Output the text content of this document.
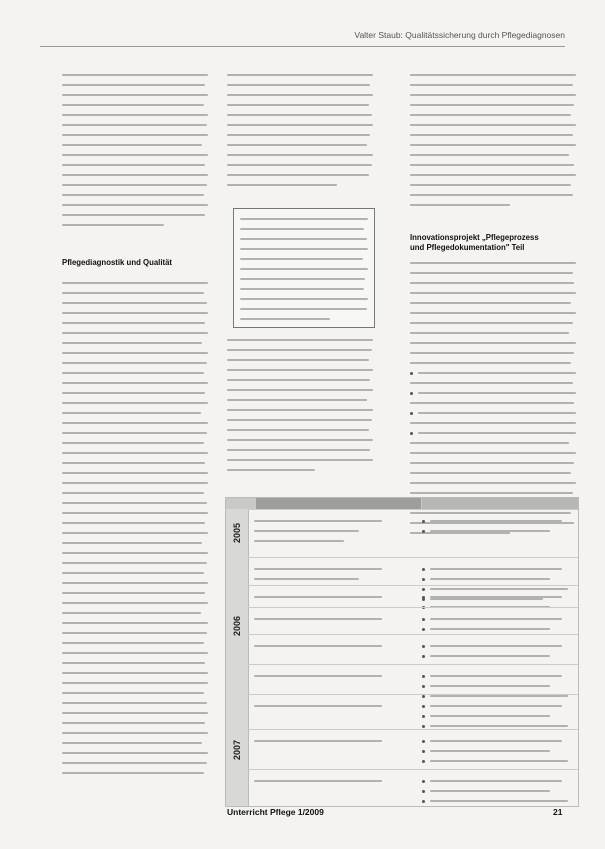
Valter Staub: Qualitätssicherung durch Pflegediagnosen

Pflegediagnostik und Qualität

Innovationsprojekt „Pflegeprozess

und Pflegedokumentation" Teil

2005
2006
2007
Unterricht Pflege 1/2009	21
